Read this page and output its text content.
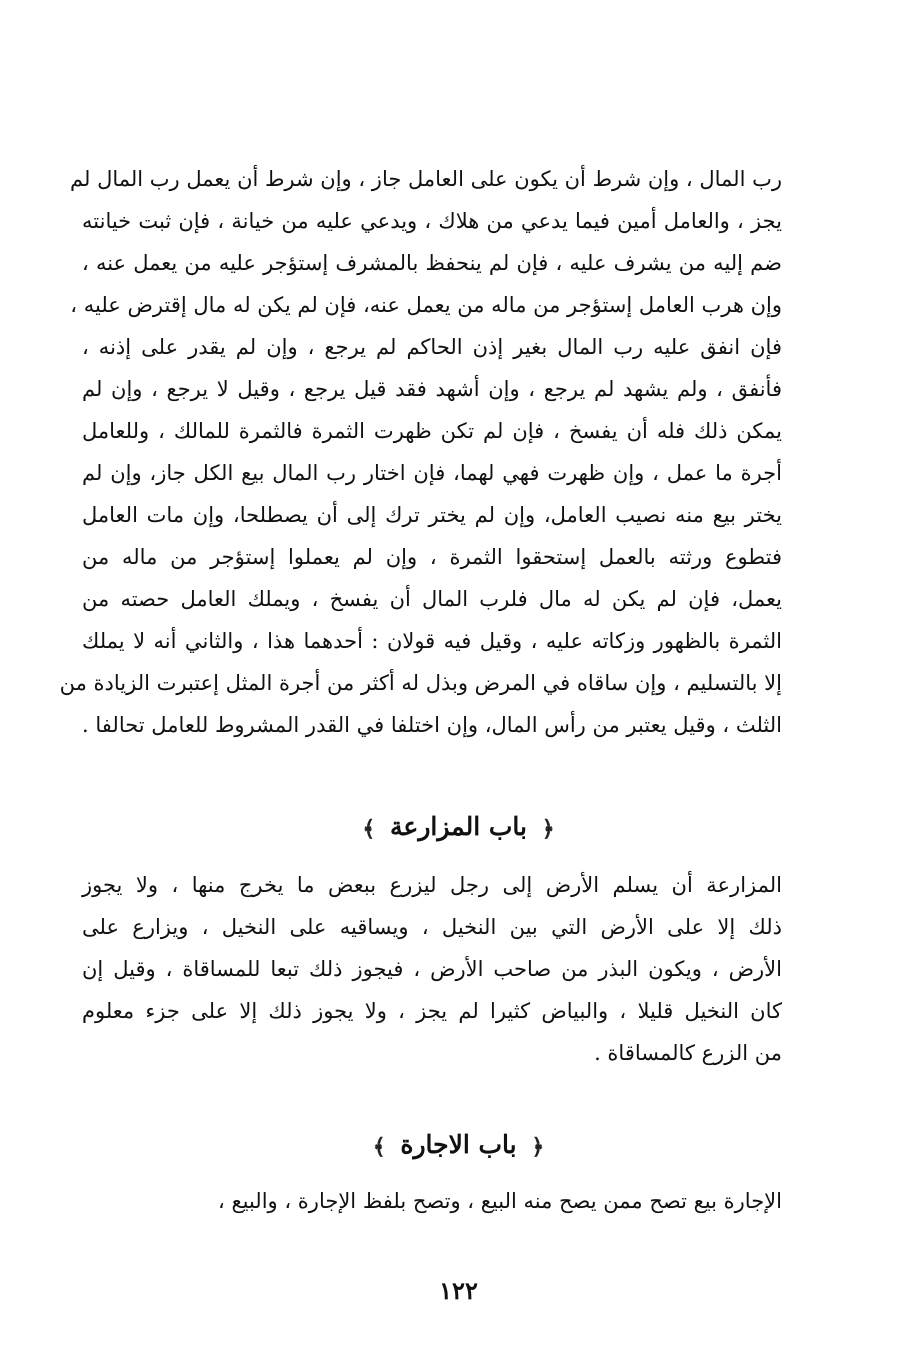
رب المال ، وإن شرط أن يكون على العامل جاز ، وإن شرط أن يعمل رب المال لم
يجز ، والعامل أمين فيما يدعي من هلاك ، ويدعي عليه من خيانة ، فإن ثبت خيانته
ضم إليه من يشرف عليه ، فإن لم ينحفظ بالمشرف إستؤجر عليه من يعمل عنه ،
وإن هرب العامل إستؤجر من ماله من يعمل عنه، فإن لم يكن له مال إقترض عليه ،
فإن انفق عليه رب المال بغير إذن الحاكم لم يرجع ، وإن لم يقدر على إذنه ،
فأنفق ، ولم يشهد لم يرجع ، وإن أشهد فقد قيل يرجع ، وقيل لا يرجع ، وإن لم
يمكن ذلك فله أن يفسخ ، فإن لم تكن ظهرت الثمرة فالثمرة للمالك ، وللعامل
أجرة ما عمل ، وإن ظهرت فهي لهما، فإن اختار رب المال بيع الكل جاز، وإن لم
يختر بيع منه نصيب العامل، وإن لم يختر ترك إلى أن يصطلحا، وإن مات العامل
فتطوع ورثته بالعمل إستحقوا الثمرة ، وإن لم يعملوا إستؤجر من ماله من
يعمل، فإن لم يكن له مال فلرب المال أن يفسخ ، ويملك العامل حصته من
الثمرة بالظهور وزكاته عليه ، وقيل فيه قولان : أحدهما هذا ، والثاني أنه لا يملك
إلا بالتسليم ، وإن ساقاه في المرض وبذل له أكثر من أجرة المثل إعتبرت الزيادة من
الثلث ، وقيل يعتبر من رأس المال، وإن اختلفا في القدر المشروط للعامل تحالفا .
﴿ باب المزارعة ﴾
المزارعة أن يسلم الأرض إلى رجل ليزرع ببعض ما يخرج منها ، ولا يجوز
ذلك إلا على الأرض التي بين النخيل ، ويساقيه على النخيل ، ويزارع على
الأرض ، ويكون البذر من صاحب الأرض ، فيجوز ذلك تبعا للمساقاة ، وقيل إن
كان النخيل قليلا ، والبياض كثيرا لم يجز ، ولا يجوز ذلك إلا على جزء معلوم
من الزرع كالمساقاة .
﴿ باب الاجارة ﴾
الإجارة بيع تصح ممن يصح منه البيع ، وتصح بلفظ الإجارة ، والبيع ،
١٢٢
